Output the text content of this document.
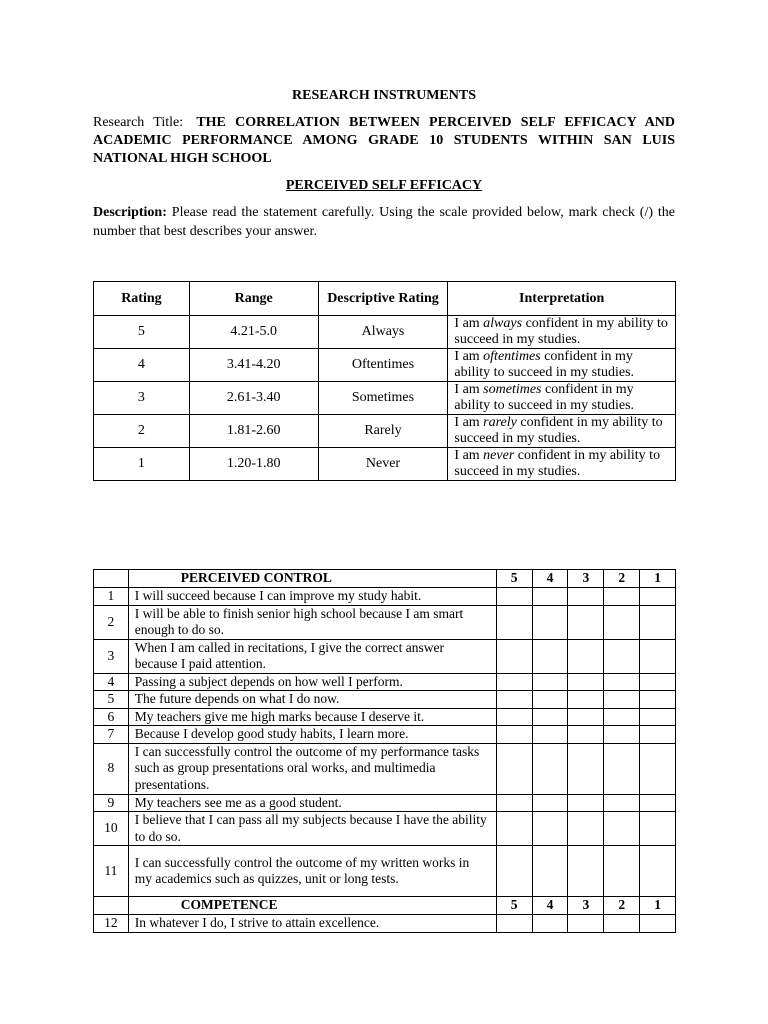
RESEARCH INSTRUMENTS

Research Title: THE CORRELATION BETWEEN PERCEIVED SELF EFFICACY AND ACADEMIC PERFORMANCE AMONG GRADE 10 STUDENTS WITHIN SAN LUIS NATIONAL HIGH SCHOOL

PERCEIVED SELF EFFICACY

Description: Please read the statement carefully. Using the scale provided below, mark check (/) the number that best describes your answer.

Rating	Range	Descriptive Rating	Interpretation
5	4.21-5.0	Always	I am always confident in my ability to succeed in my studies.
4	3.41-4.20	Oftentimes	I am oftentimes confident in my ability to succeed in my studies.
3	2.61-3.40	Sometimes	I am sometimes confident in my ability to succeed in my studies.
2	1.81-2.60	Rarely	I am rarely confident in my ability to succeed in my studies.
1	1.20-1.80	Never	I am never confident in my ability to succeed in my studies.
	PERCEIVED CONTROL	5	4	3	2	1
1	I will succeed because I can improve my study habit.					
2	I will be able to finish senior high school because I am smart enough to do so.					
3	When I am called in recitations, I give the correct answer because I paid attention.					
4	Passing a subject depends on how well I perform.					
5	The future depends on what I do now.					
6	My teachers give me high marks because I deserve it.					
7	Because I develop good study habits, I learn more.					
8	I can successfully control the outcome of my performance tasks such as group presentations oral works, and multimedia presentations.					
9	My teachers see me as a good student.					
10	I believe that I can pass all my subjects because I have the ability to do so.					
11	I can successfully control the outcome of my written works in my academics such as quizzes, unit or long tests.					
	COMPETENCE	5	4	3	2	1
12	In whatever I do, I strive to attain excellence.					
